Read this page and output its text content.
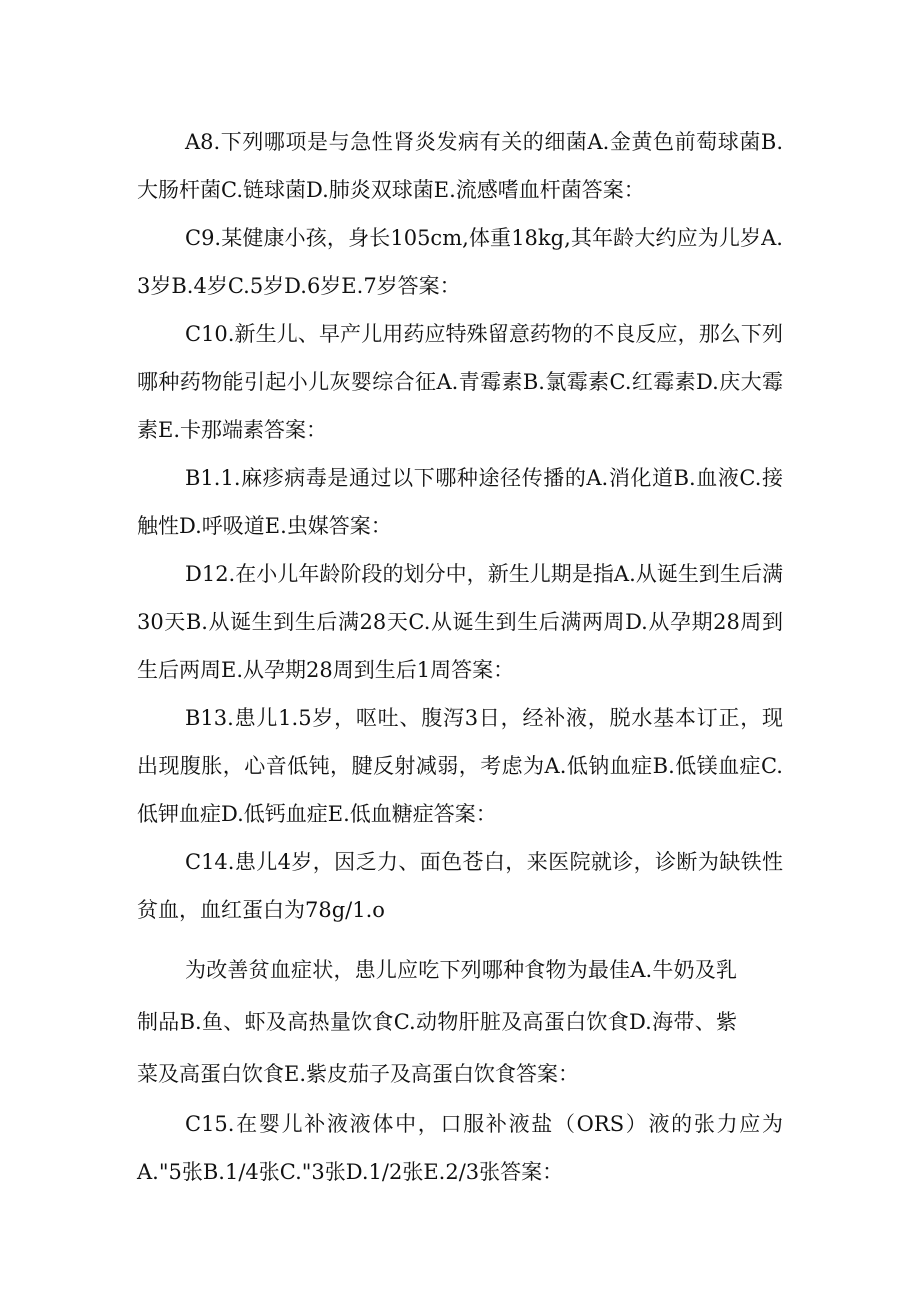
A8.下列哪项是与急性肾炎发病有关的细菌A.金黄色前萄球菌B.大肠杆菌C.链球菌D.肺炎双球菌E.流感嗜血杆菌答案：

C9.某健康小孩，身长105cm,体重18kg,其年龄大约应为儿岁A.3岁B.4岁C.5岁D.6岁E.7岁答案：

C10.新生儿、早产儿用药应特殊留意药物的不良反应，那么下列哪种药物能引起小儿灰婴综合征A.青霉素B.氯霉素C.红霉素D.庆大霉素E.卡那端素答案：

B1.1.麻疹病毒是通过以下哪种途径传播的A.消化道B.血液C.接触性D.呼吸道E.虫媒答案：

D12.在小儿年龄阶段的划分中，新生儿期是指A.从诞生到生后满30天B.从诞生到生后满28天C.从诞生到生后满两周D.从孕期28周到生后两周E.从孕期28周到生后1周答案：

B13.患儿1.5岁，呕吐、腹泻3日，经补液，脱水基本订正，现出现腹胀，心音低钝，腱反射减弱，考虑为A.低钠血症B.低镁血症C.低钾血症D.低钙血症E.低血糖症答案：

C14.患儿4岁，因乏力、面色苍白，来医院就诊，诊断为缺铁性贫血，血红蛋白为78g/1.o

为改善贫血症状，患儿应吃下列哪种食物为最佳A.牛奶及乳制品B.鱼、虾及高热量饮食C.动物肝脏及高蛋白饮食D.海带、紫菜及高蛋白饮食E.紫皮茄子及高蛋白饮食答案：

C15.在婴儿补液液体中，口服补液盐（ORS）液的张力应为A."5张B.1/4张C."3张D.1/2张E.2/3张答案：
